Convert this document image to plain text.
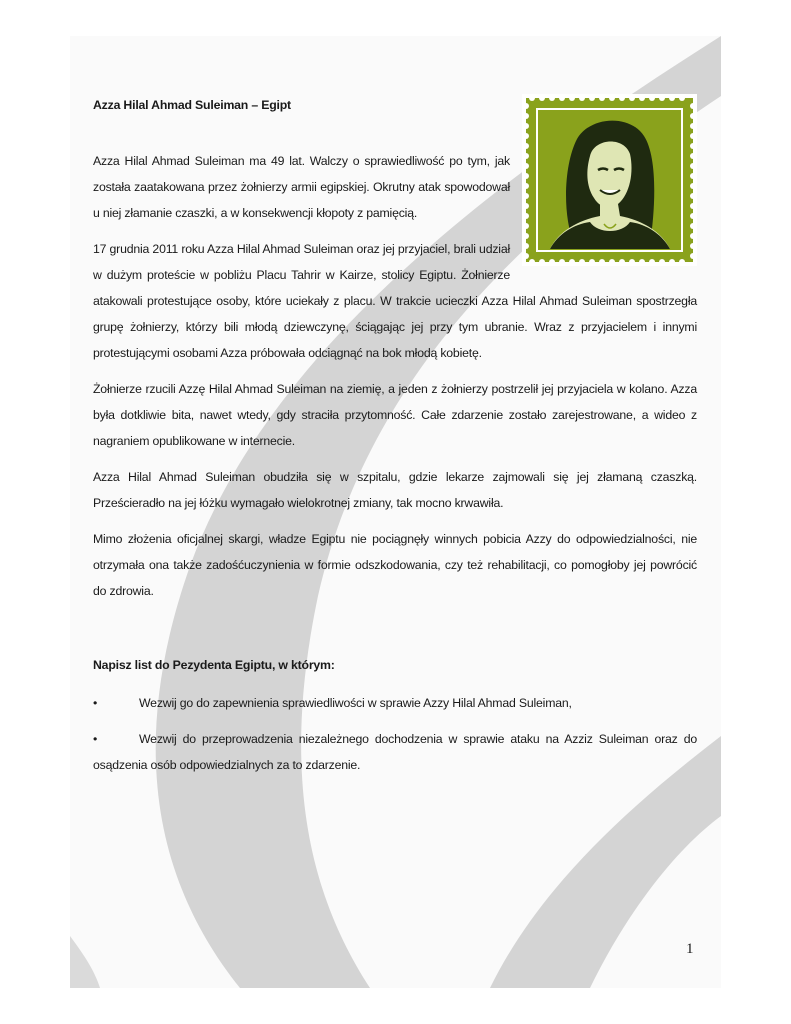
Azza Hilal Ahmad Suleiman – Egipt

Azza Hilal Ahmad Suleiman ma 49 lat. Walczy o sprawiedliwość po tym, jak została zaatakowana przez żołnierzy armii egipskiej. Okrutny atak spowodował u niej złamanie czaszki, a w konsekwencji kłopoty z pamięcią.

17 grudnia 2011 roku Azza Hilal Ahmad Suleiman oraz jej przyjaciel, brali udział
w dużym proteście w pobliżu Placu Tahrir w Kairze, stolicy Egiptu. Żołnierze
atakowali protestujące osoby, które uciekały z placu. W trakcie ucieczki Azza Hilal Ahmad Suleiman spostrzegła grupę żołnierzy, którzy bili młodą dziewczynę, ściągając jej przy tym ubranie. Wraz z przyjacielem i innymi protestującymi osobami Azza próbowała odciągnąć na bok młodą kobietę.

Żołnierze rzucili Azzę Hilal Ahmad Suleiman na ziemię, a jeden z żołnierzy postrzelił jej przyjaciela w kolano. Azza była dotkliwie bita, nawet wtedy, gdy straciła przytomność. Całe zdarzenie zostało zarejestrowane, a wideo z nagraniem opublikowane w internecie.

Azza Hilal Ahmad Suleiman obudziła się w szpitalu, gdzie lekarze zajmowali się jej złamaną czaszką. Prześcieradło na jej łóżku wymagało wielokrotnej zmiany, tak mocno krwawiła.

Mimo złożenia oficjalnej skargi, władze Egiptu nie pociągnęły winnych pobicia Azzy do odpowiedzialności, nie otrzymała ona także zadośćuczynienia w formie odszkodowania, czy też rehabilitacji, co pomogłoby jej powrócić do zdrowia.

Napisz list do Pezydenta Egiptu, w którym:

•	Wezwij go do zapewnienia sprawiedliwości w sprawie Azzy Hilal Ahmad Suleiman,

•	Wezwij do przeprowadzenia niezależnego dochodzenia w sprawie ataku na Azziz Suleiman oraz do osądzenia osób odpowiedzialnych za to zdarzenie.

1
